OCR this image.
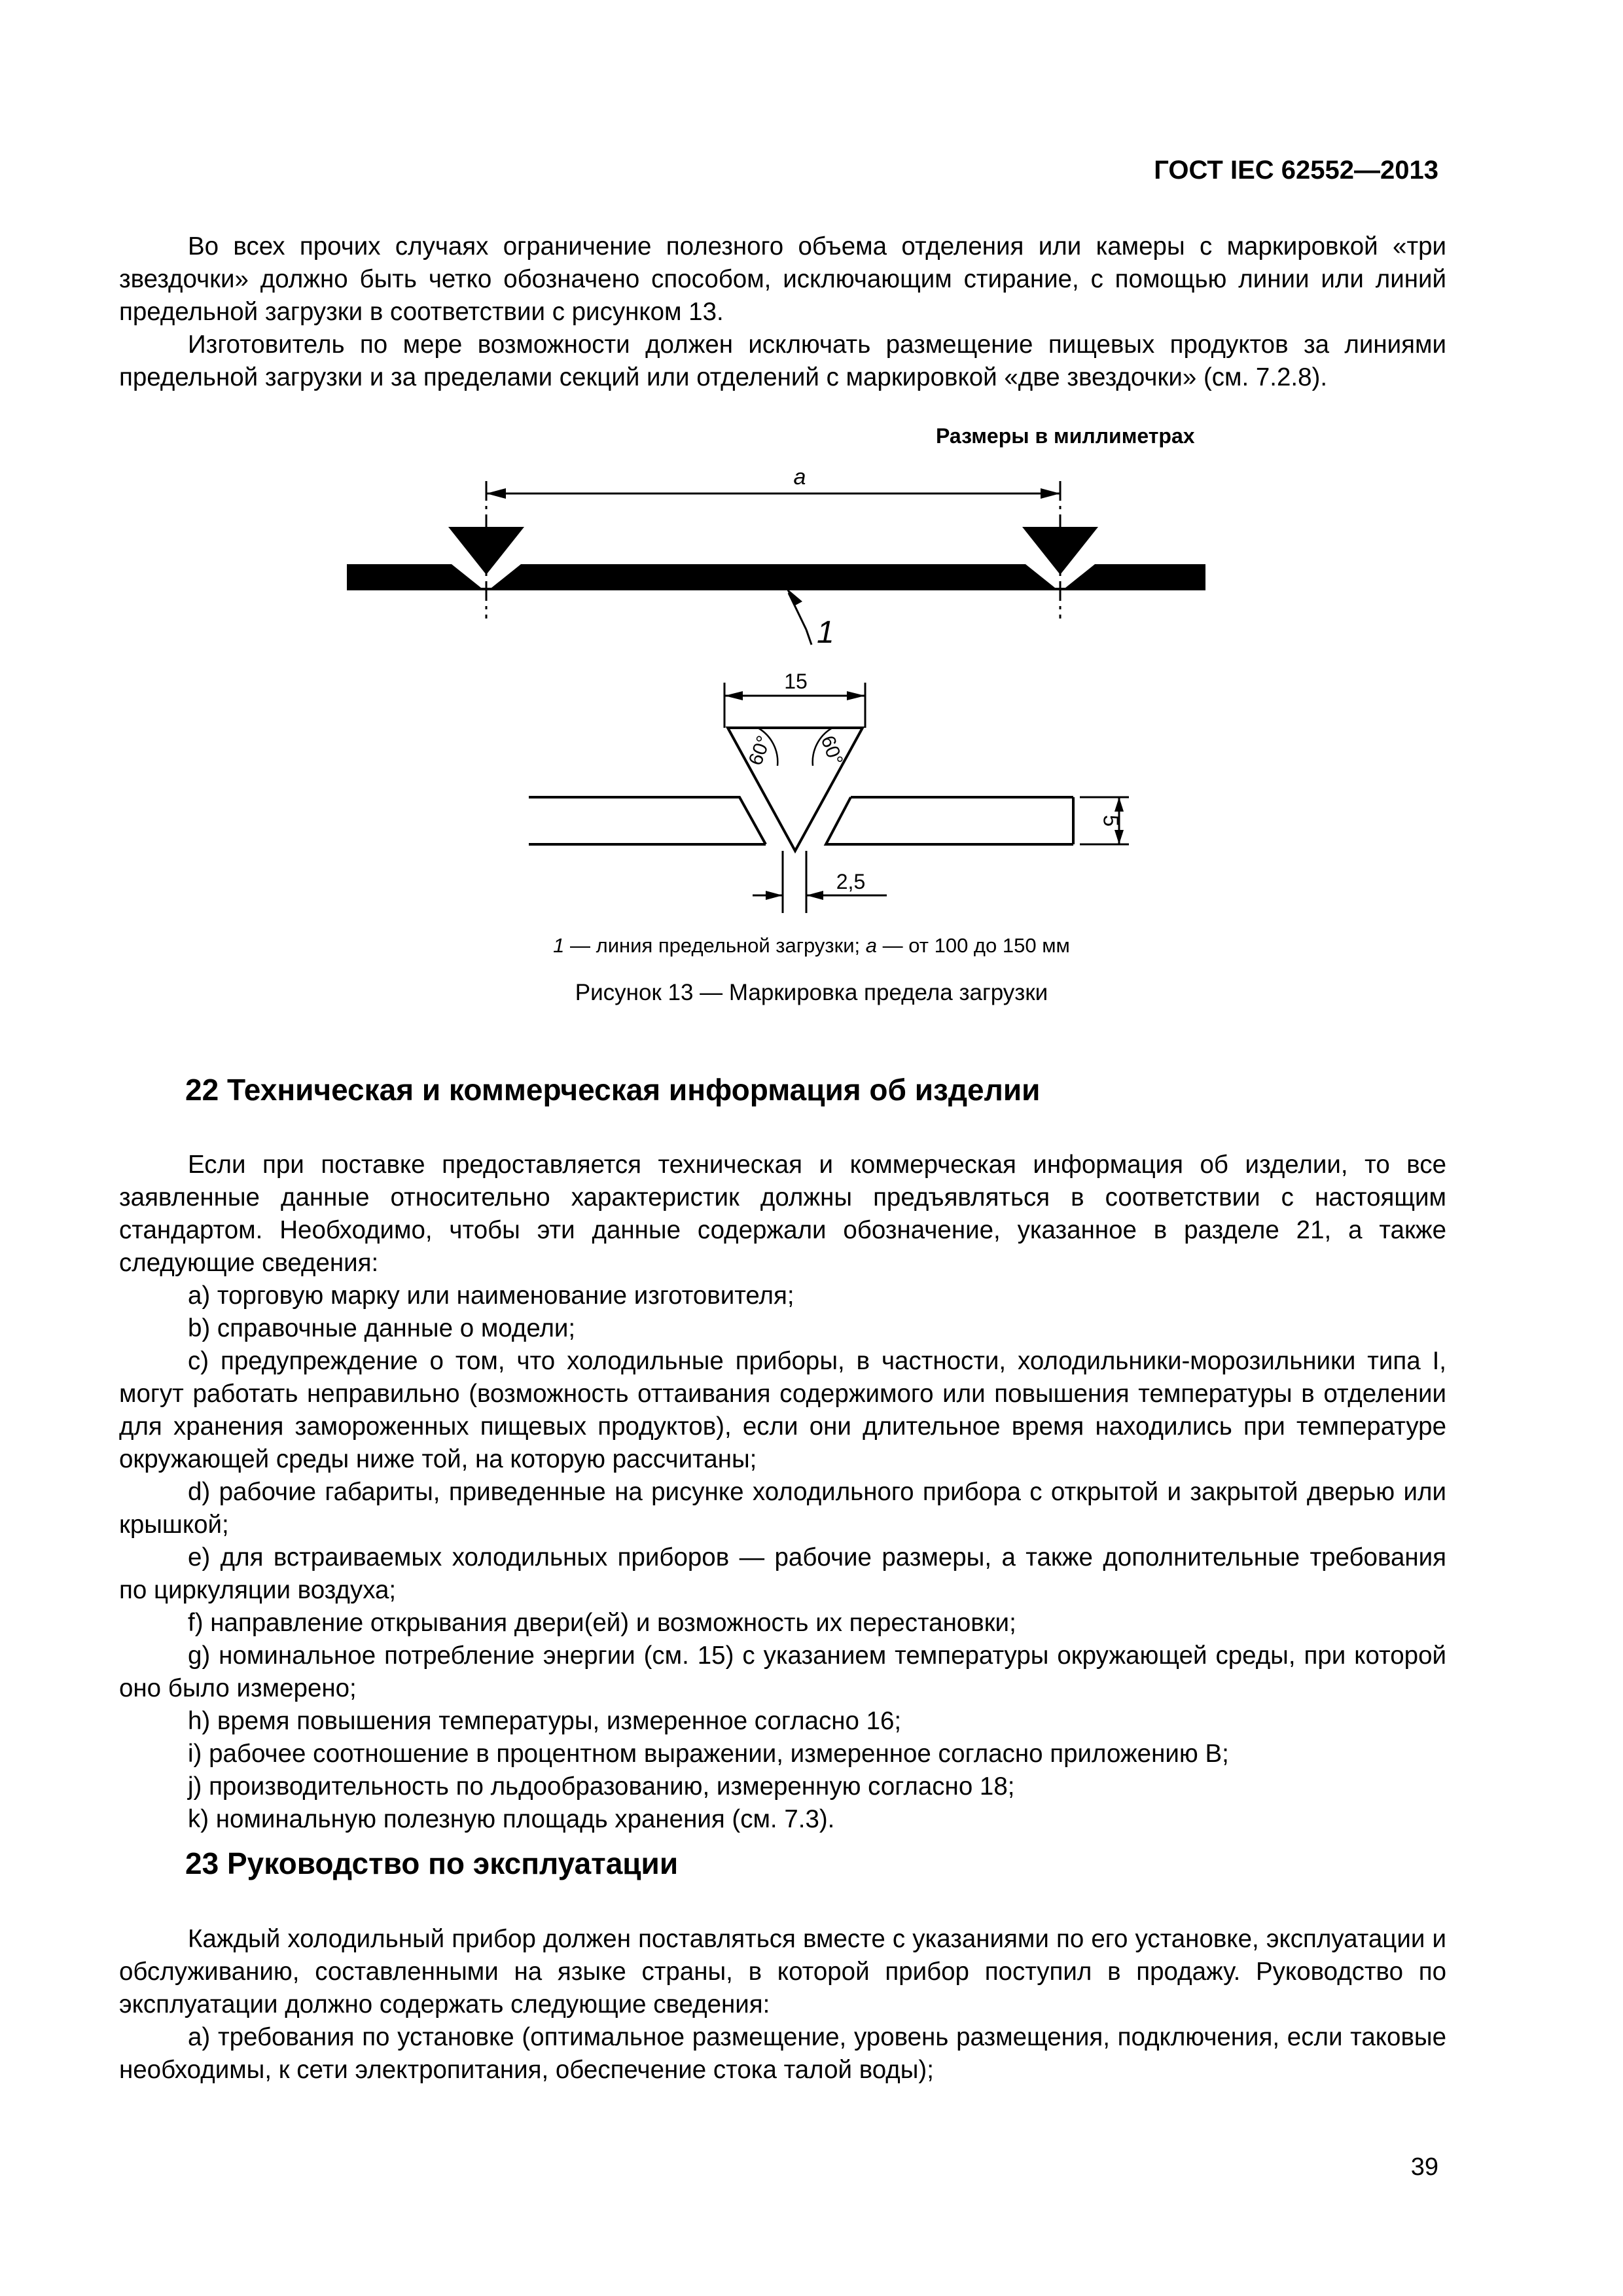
ГОСТ IEC 62552—2013

Во всех прочих случаях ограничение полезного объема отделения или камеры с маркировкой «три звездочки» должно быть четко обозначено способом, исключающим стирание, с помощью линии или линий предельной загрузки в соответствии с рисунком 13.

Изготовитель по мере возможности должен исключать размещение пищевых продуктов за линиями предельной загрузки и за пределами секций или отделений с маркировкой «две звездочки» (см. 7.2.8).

Размеры в миллиметрах
а
1
15
60° 60°
5
2,5
1 — линия предельной загрузки; а — от 100 до 150 мм
Рисунок 13 — Маркировка предела загрузки
22 Техническая и коммерческая информация об изделии

Если при поставке предоставляется техническая и коммерческая информация об изделии, то все заявленные данные относительно характеристик должны предъявляться в соответствии с настоящим стандартом. Необходимо, чтобы эти данные содержали обозначение, указанное в разделе 21, а также следующие сведения:

a) торговую марку или наименование изготовителя;

b) справочные данные о модели;

c) предупреждение о том, что холодильные приборы, в частности, холодильники-морозильники типа I, могут работать неправильно (возможность оттаивания содержимого или повышения температуры в отделении для хранения замороженных пищевых продуктов), если они длительное время находились при температуре окружающей среды ниже той, на которую рассчитаны;

d) рабочие габариты, приведенные на рисунке холодильного прибора с открытой и закрытой дверью или крышкой;

e) для встраиваемых холодильных приборов — рабочие размеры, а также дополнительные требования по циркуляции воздуха;

f) направление открывания двери(ей) и возможность их перестановки;

g) номинальное потребление энергии (см. 15) с указанием температуры окружающей среды, при которой оно было измерено;

h) время повышения температуры, измеренное согласно 16;

i) рабочее соотношение в процентном выражении, измеренное согласно приложению В;

j) производительность по льдообразованию, измеренную согласно 18;

k) номинальную полезную площадь хранения (см. 7.3).

23 Руководство по эксплуатации

Каждый холодильный прибор должен поставляться вместе с указаниями по его установке, эксплуатации и обслуживанию, составленными на языке страны, в которой прибор поступил в продажу. Руководство по эксплуатации должно содержать следующие сведения:

a) требования по установке (оптимальное размещение, уровень размещения, подключения, если таковые необходимы, к сети электропитания, обеспечение стока талой воды);

39
